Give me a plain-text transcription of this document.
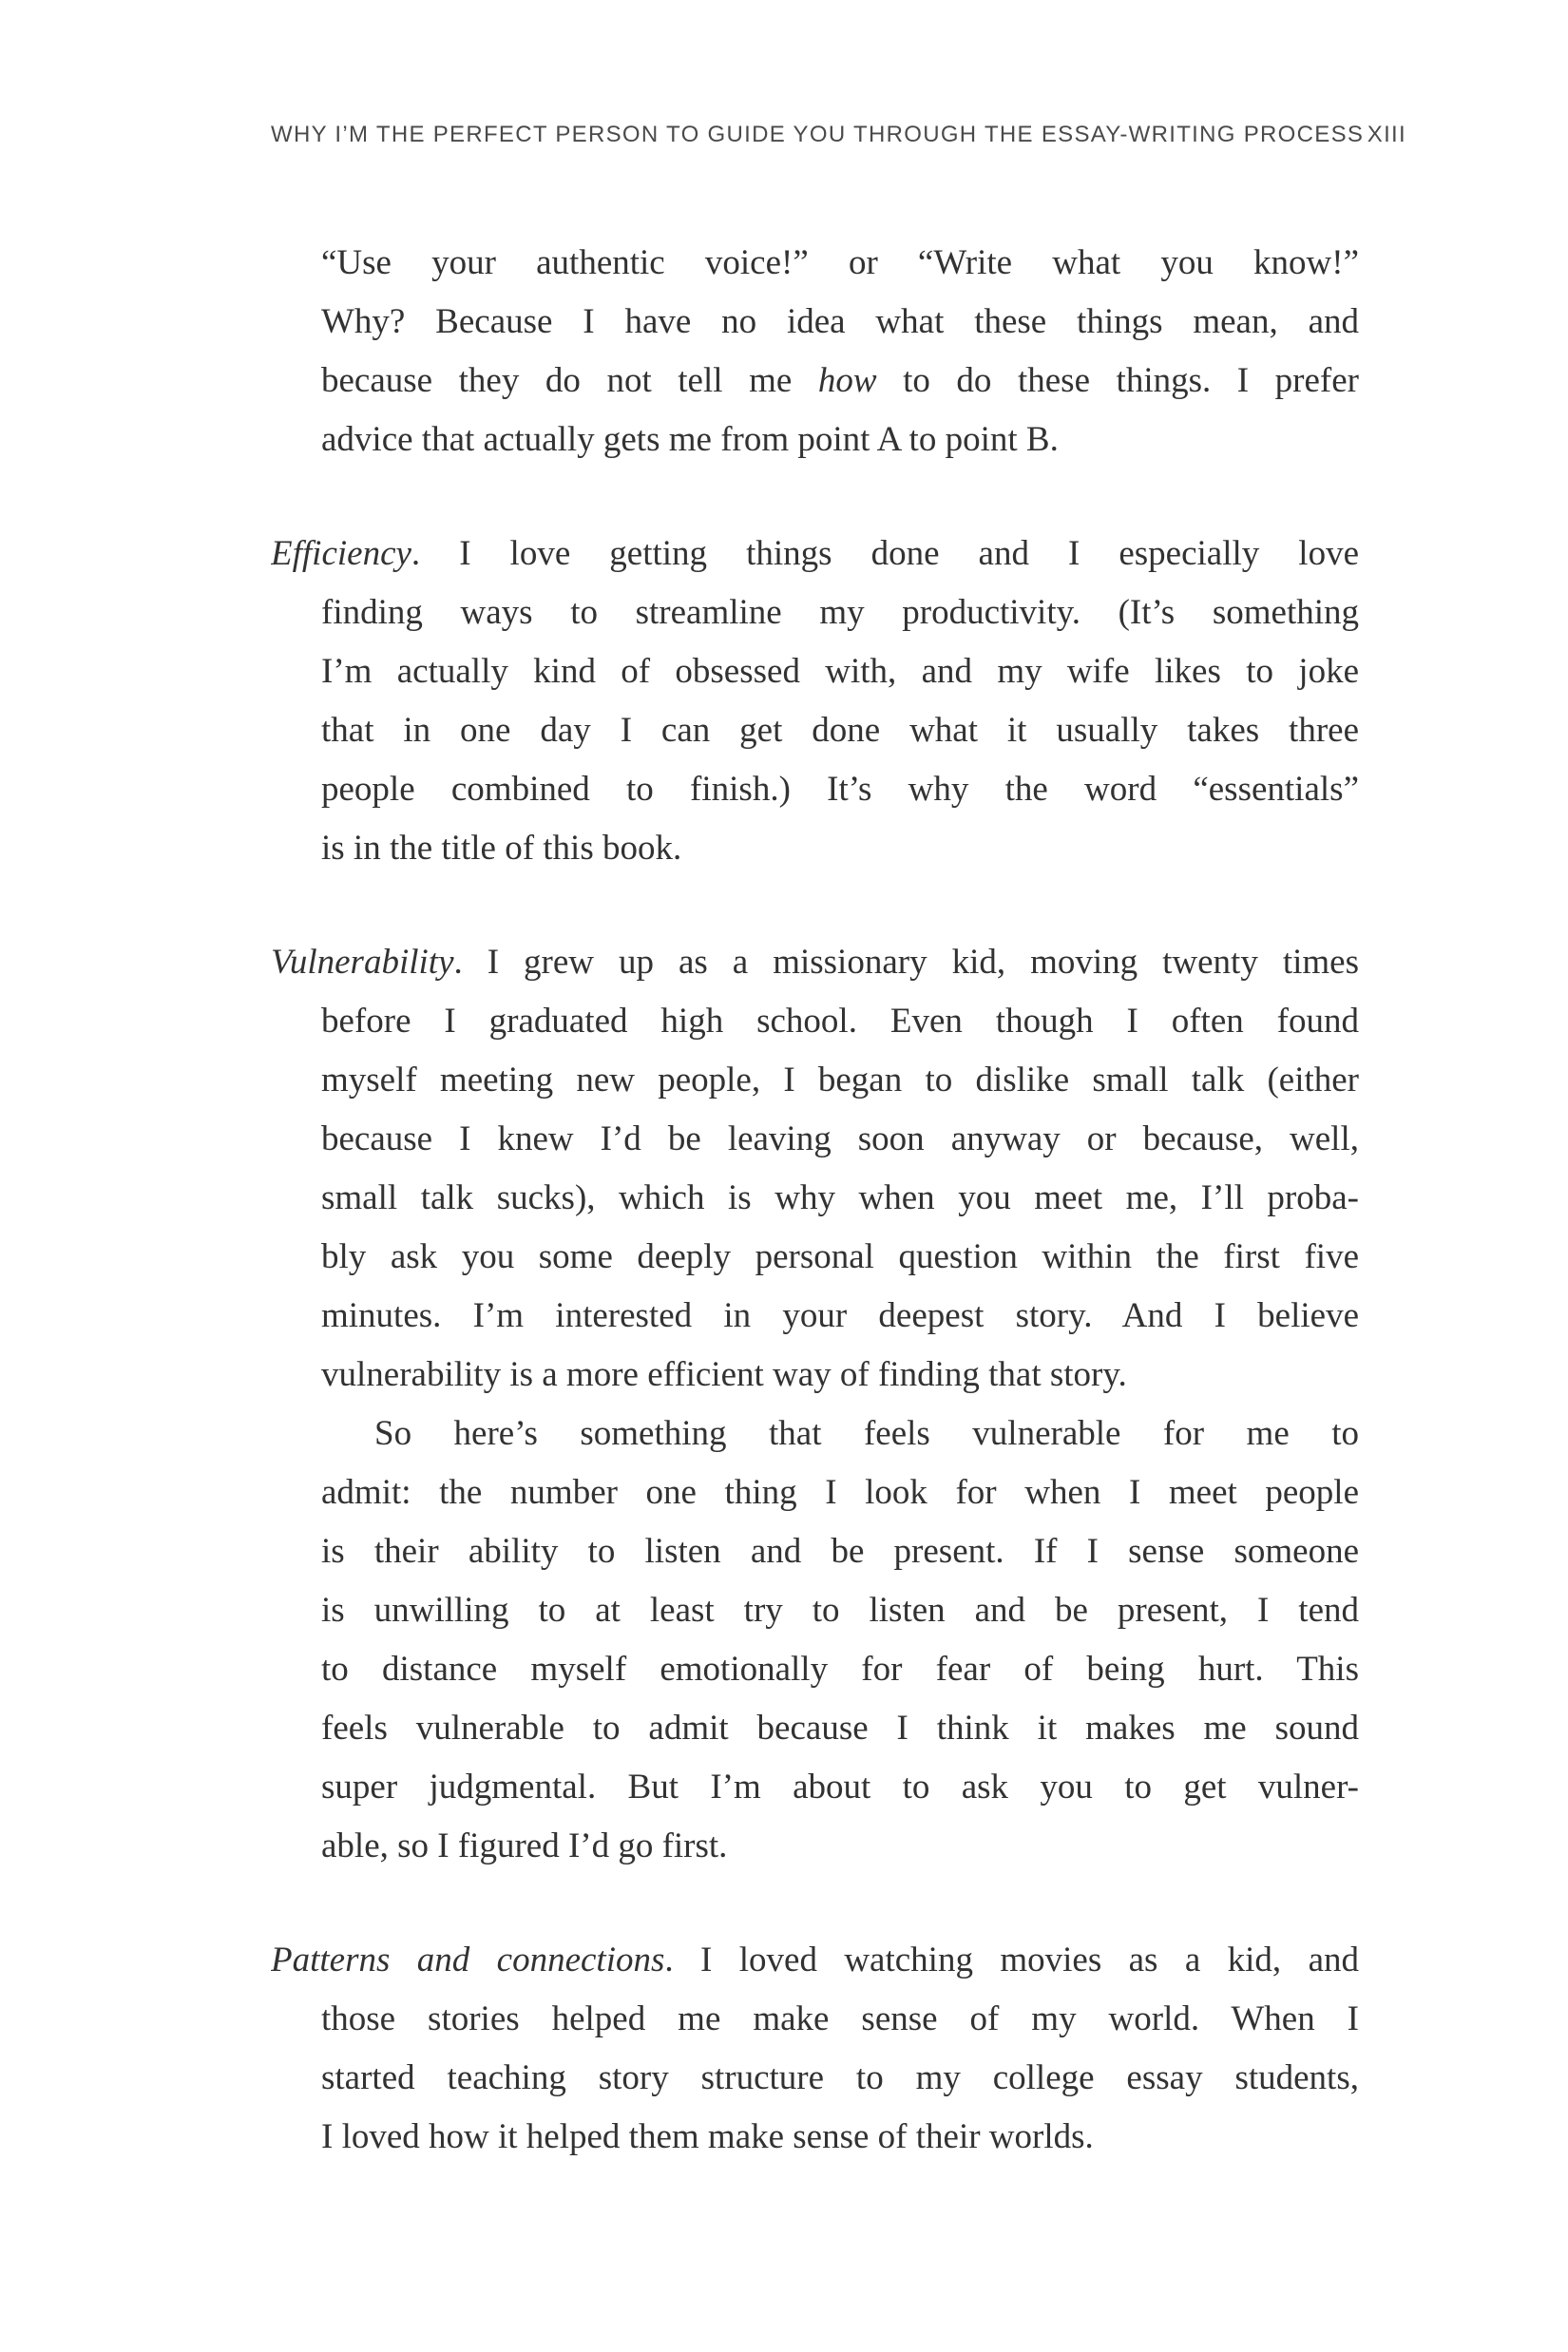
WHY I’M THE PERFECT PERSON TO GUIDE YOU THROUGH THE ESSAY-WRITING PROCESS XIII
“Use your authentic voice!” or “Write what you know!”
Why? Because I have no idea what these things mean, and
because they do not tell me how to do these things. I prefer
advice that actually gets me from point A to point B.
Efficiency. I love getting things done and I especially love
finding ways to streamline my productivity. (It’s something
I’m actually kind of obsessed with, and my wife likes to joke
that in one day I can get done what it usually takes three
people combined to finish.) It’s why the word “essentials”
is in the title of this book.
Vulnerability. I grew up as a missionary kid, moving twenty times
before I graduated high school. Even though I often found
myself meeting new people, I began to dislike small talk (either
because I knew I’d be leaving soon anyway or because, well,
small talk sucks), which is why when you meet me, I’ll proba-
bly ask you some deeply personal question within the first five
minutes. I’m interested in your deepest story. And I believe
vulnerability is a more efficient way of finding that story.
So here’s something that feels vulnerable for me to
admit: the number one thing I look for when I meet people
is their ability to listen and be present. If I sense someone
is unwilling to at least try to listen and be present, I tend
to distance myself emotionally for fear of being hurt. This
feels vulnerable to admit because I think it makes me sound
super judgmental. But I’m about to ask you to get vulner-
able, so I figured I’d go first.
Patterns and connections. I loved watching movies as a kid, and
those stories helped me make sense of my world. When I
started teaching story structure to my college essay students,
I loved how it helped them make sense of their worlds.
